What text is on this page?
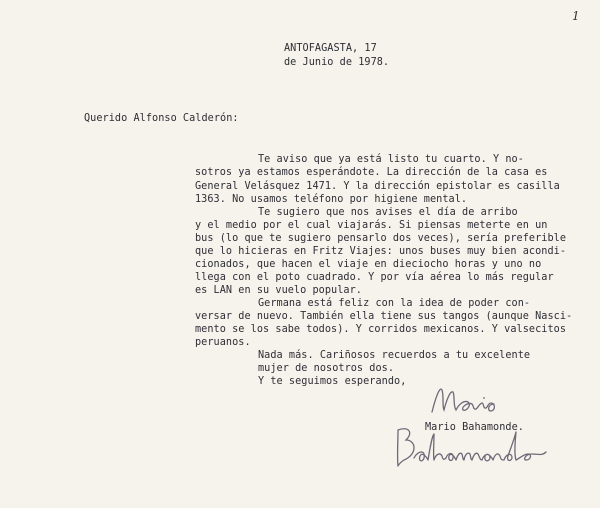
1
ANTOFAGASTA, 17
de Junio de 1978.
Querido Alfonso Calderón:
Te aviso que ya está listo tu cuarto. Y no-
sotros ya estamos esperándote. La dirección de la casa es
General Velásquez 1471. Y la dirección epistolar es casilla
1363. No usamos teléfono por higiene mental.
Te sugiero que nos avises el día de arribo
y el medio por el cual viajarás. Si piensas meterte en un
bus (lo que te sugiero pensarlo dos veces), sería preferible
que lo hicieras en Fritz Viajes: unos buses muy bien acondi-
cionados, que hacen el viaje en dieciocho horas y uno no
llega con el poto cuadrado. Y por vía aérea lo más regular
es LAN en su vuelo popular.
Germana está feliz con la idea de poder con-
versar de nuevo. También ella tiene sus tangos (aunque Nasci-
mento se los sabe todos). Y corridos mexicanos. Y valsecitos
peruanos.
Nada más. Cariñosos recuerdos a tu excelente
mujer de nosotros dos.
Y te seguimos esperando,
Mario Bahamonde.
